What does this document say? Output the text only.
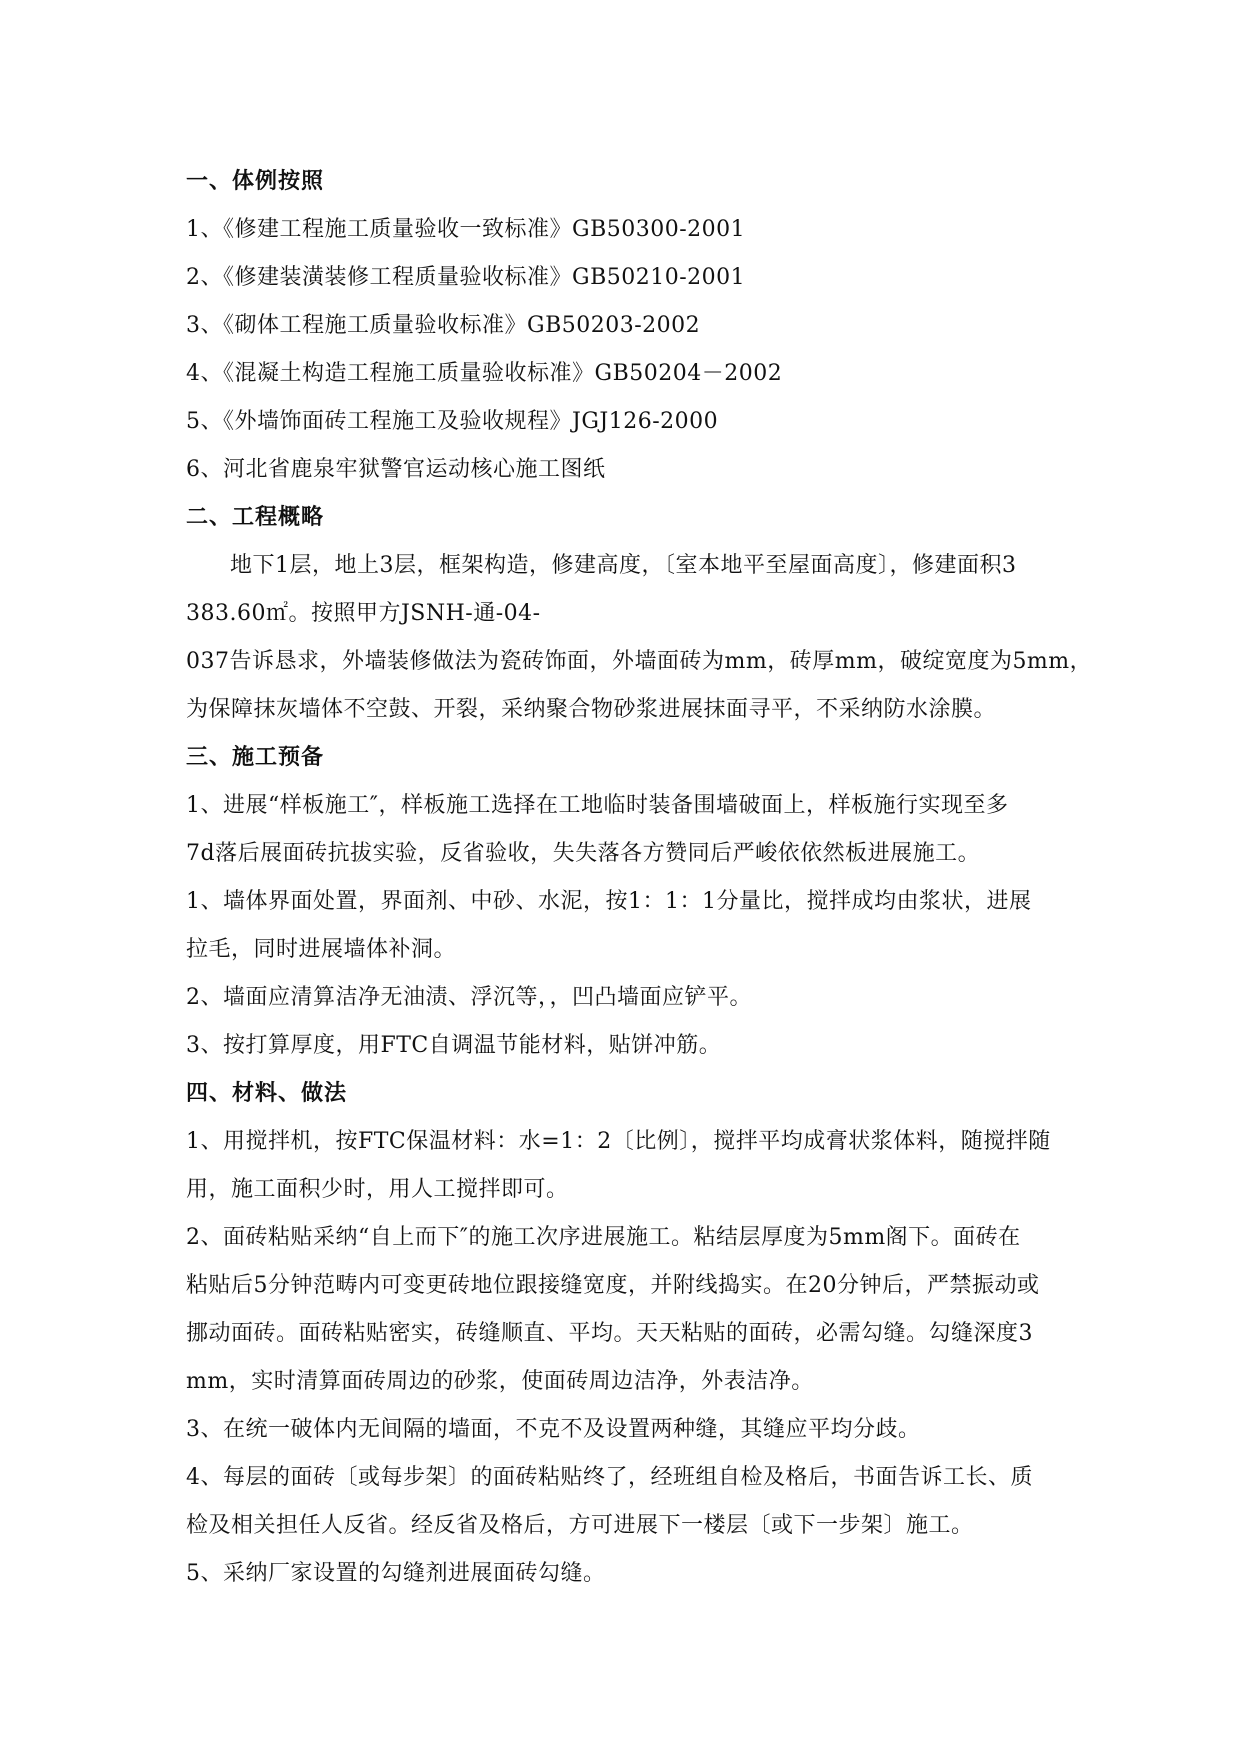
一、体例按照
1、《修建工程施工质量验收一致标准》GB50300-2001
2、《修建装潢装修工程质量验收标准》GB50210-2001
3、《砌体工程施工质量验收标准》GB50203-2002
4、《混凝土构造工程施工质量验收标准》GB50204－2002
5、《外墙饰面砖工程施工及验收规程》JGJ126-2000
6、河北省鹿泉牢狱警官运动核心施工图纸
二、工程概略
地下1层，地上3层，框架构造，修建高度，〔室本地平至屋面高度〕，修建面积3
383.60㎡。按照甲方JSNH-通-04-
037告诉恳求，外墙装修做法为瓷砖饰面，外墙面砖为mm，砖厚mm，破绽宽度为5mm，
为保障抹灰墙体不空鼓、开裂，采纳聚合物砂浆进展抹面寻平，不采纳防水涂膜。
三、施工预备
1、进展“样板施工″，样板施工选择在工地临时装备围墙破面上，样板施行实现至多
7d落后展面砖抗拔实验，反省验收，失失落各方赞同后严峻依依然板进展施工。
1、墙体界面处置，界面剂、中砂、水泥，按1：1：1分量比，搅拌成均由浆状，进展
拉毛，同时进展墙体补洞。
2、墙面应清算洁净无油渍、浮沉等，，凹凸墙面应铲平。
3、按打算厚度，用FTC自调温节能材料，贴饼冲筋。
四、材料、做法
1、用搅拌机，按FTC保温材料：水=1：2〔比例〕，搅拌平均成膏状浆体料，随搅拌随
用，施工面积少时，用人工搅拌即可。
2、面砖粘贴采纳“自上而下″的施工次序进展施工。粘结层厚度为5mm阁下。面砖在
粘贴后5分钟范畴内可变更砖地位跟接缝宽度，并附线捣实。在20分钟后，严禁振动或
挪动面砖。面砖粘贴密实，砖缝顺直、平均。天天粘贴的面砖，必需勾缝。勾缝深度3
mm，实时清算面砖周边的砂浆，使面砖周边洁净，外表洁净。
3、在统一破体内无间隔的墙面，不克不及设置两种缝，其缝应平均分歧。
4、每层的面砖〔或每步架〕的面砖粘贴终了，经班组自检及格后，书面告诉工长、质
检及相关担任人反省。经反省及格后，方可进展下一楼层〔或下一步架〕施工。
5、采纳厂家设置的勾缝剂进展面砖勾缝。
